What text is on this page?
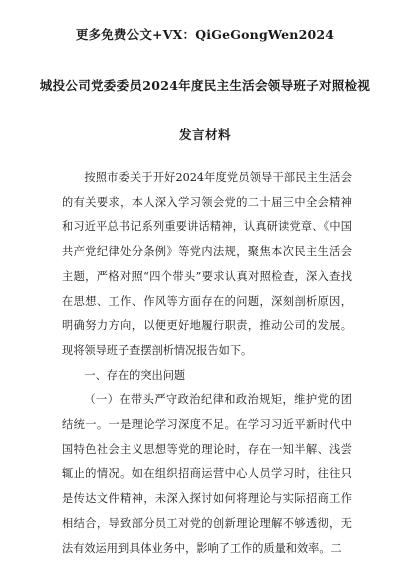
更多免费公文+VX：QiGeGongWen2024
城投公司党委委员2024年度民主生活会领导班子对照检视
发言材料

按照市委关于开好2024年度党员领导干部民主生活会的有关要求，本人深入学习领会党的二十届三中全会精神和习近平总书记系列重要讲话精神，认真研读党章、《中国共产党纪律处分条例》等党内法规，聚焦本次民主生活会主题，严格对照“四个带头”要求认真对照检查，深入查找在思想、工作、作风等方面存在的问题，深刻剖析原因，明确努力方向，以便更好地履行职责，推动公司的发展。现将领导班子查摆剖析情况报告如下。

一、存在的突出问题

（一）在带头严守政治纪律和政治规矩，维护党的团结统一。一是理论学习深度不足。在学习习近平新时代中国特色社会主义思想等党的理论时，存在一知半解、浅尝辄止的情况。如在组织招商运营中心人员学习时，往往只是传达文件精神，未深入探讨如何将理论与实际招商工作相结合，导致部分员工对党的创新理论理解不够透彻，无法有效运用到具体业务中，影响了工作的质量和效率。二
